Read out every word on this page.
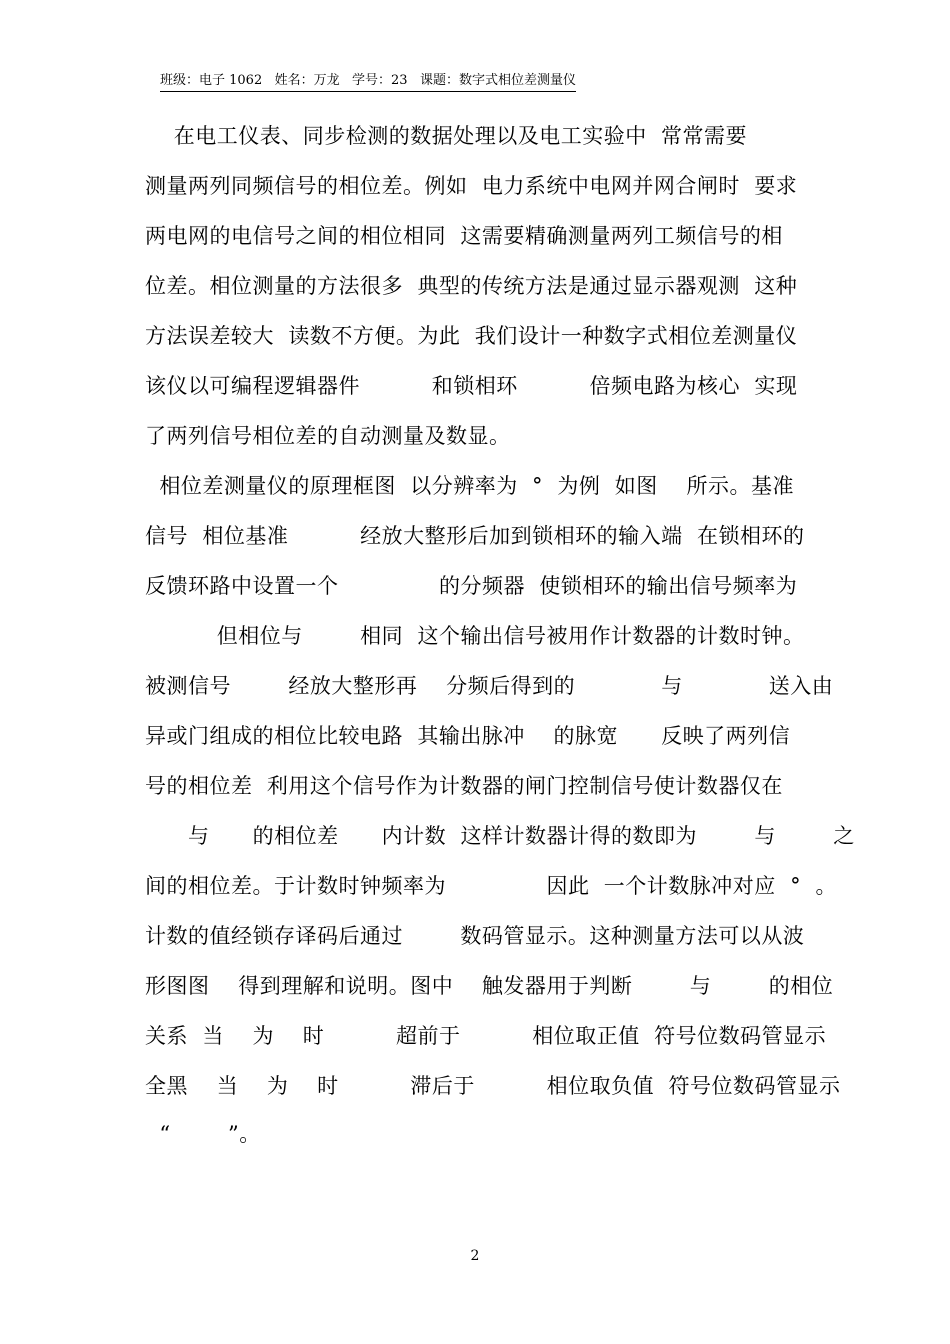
班级：电子 1062   姓名：万龙   学号：23   课题：数字式相位差测量仪
在电工仪表、同步检测的数据处理以及电工实验中  常常需要
测量两列同频信号的相位差。例如  电力系统中电网并网合闸时  要求
两电网的电信号之间的相位相同  这需要精确测量两列工频信号的相
位差。相位测量的方法很多  典型的传统方法是通过显示器观测  这种
方法误差较大  读数不方便。为此  我们设计一种数字式相位差测量仪
该仪以可编程逻辑器件          和锁相环          倍频电路为核心  实现
了两列信号相位差的自动测量及数显。
相位差测量仪的原理框图  以分辨率为  °  为例  如图    所示。基准
信号  相位基准          经放大整形后加到锁相环的输入端  在锁相环的
反馈环路中设置一个              的分频器  使锁相环的输出信号频率为
但相位与        相同  这个输出信号被用作计数器的计数时钟。
被测信号        经放大整形再    分频后得到的            与            送入由
异或门组成的相位比较电路  其输出脉冲    的脉宽      反映了两列信
号的相位差  利用这个信号作为计数器的闸门控制信号使计数器仅在
与      的相位差      内计数  这样计数器计得的数即为        与        之
间的相位差。于计数时钟频率为              因此  一个计数脉冲对应  °  。
计数的值经锁存译码后通过        数码管显示。这种测量方法可以从波
形图图    得到理解和说明。图中    触发器用于判断        与        的相位
关系  当    为    时          超前于          相位取正值  符号位数码管显示
全黑    当    为    时          滞后于          相位取负值  符号位数码管显示
“        ”。
2
